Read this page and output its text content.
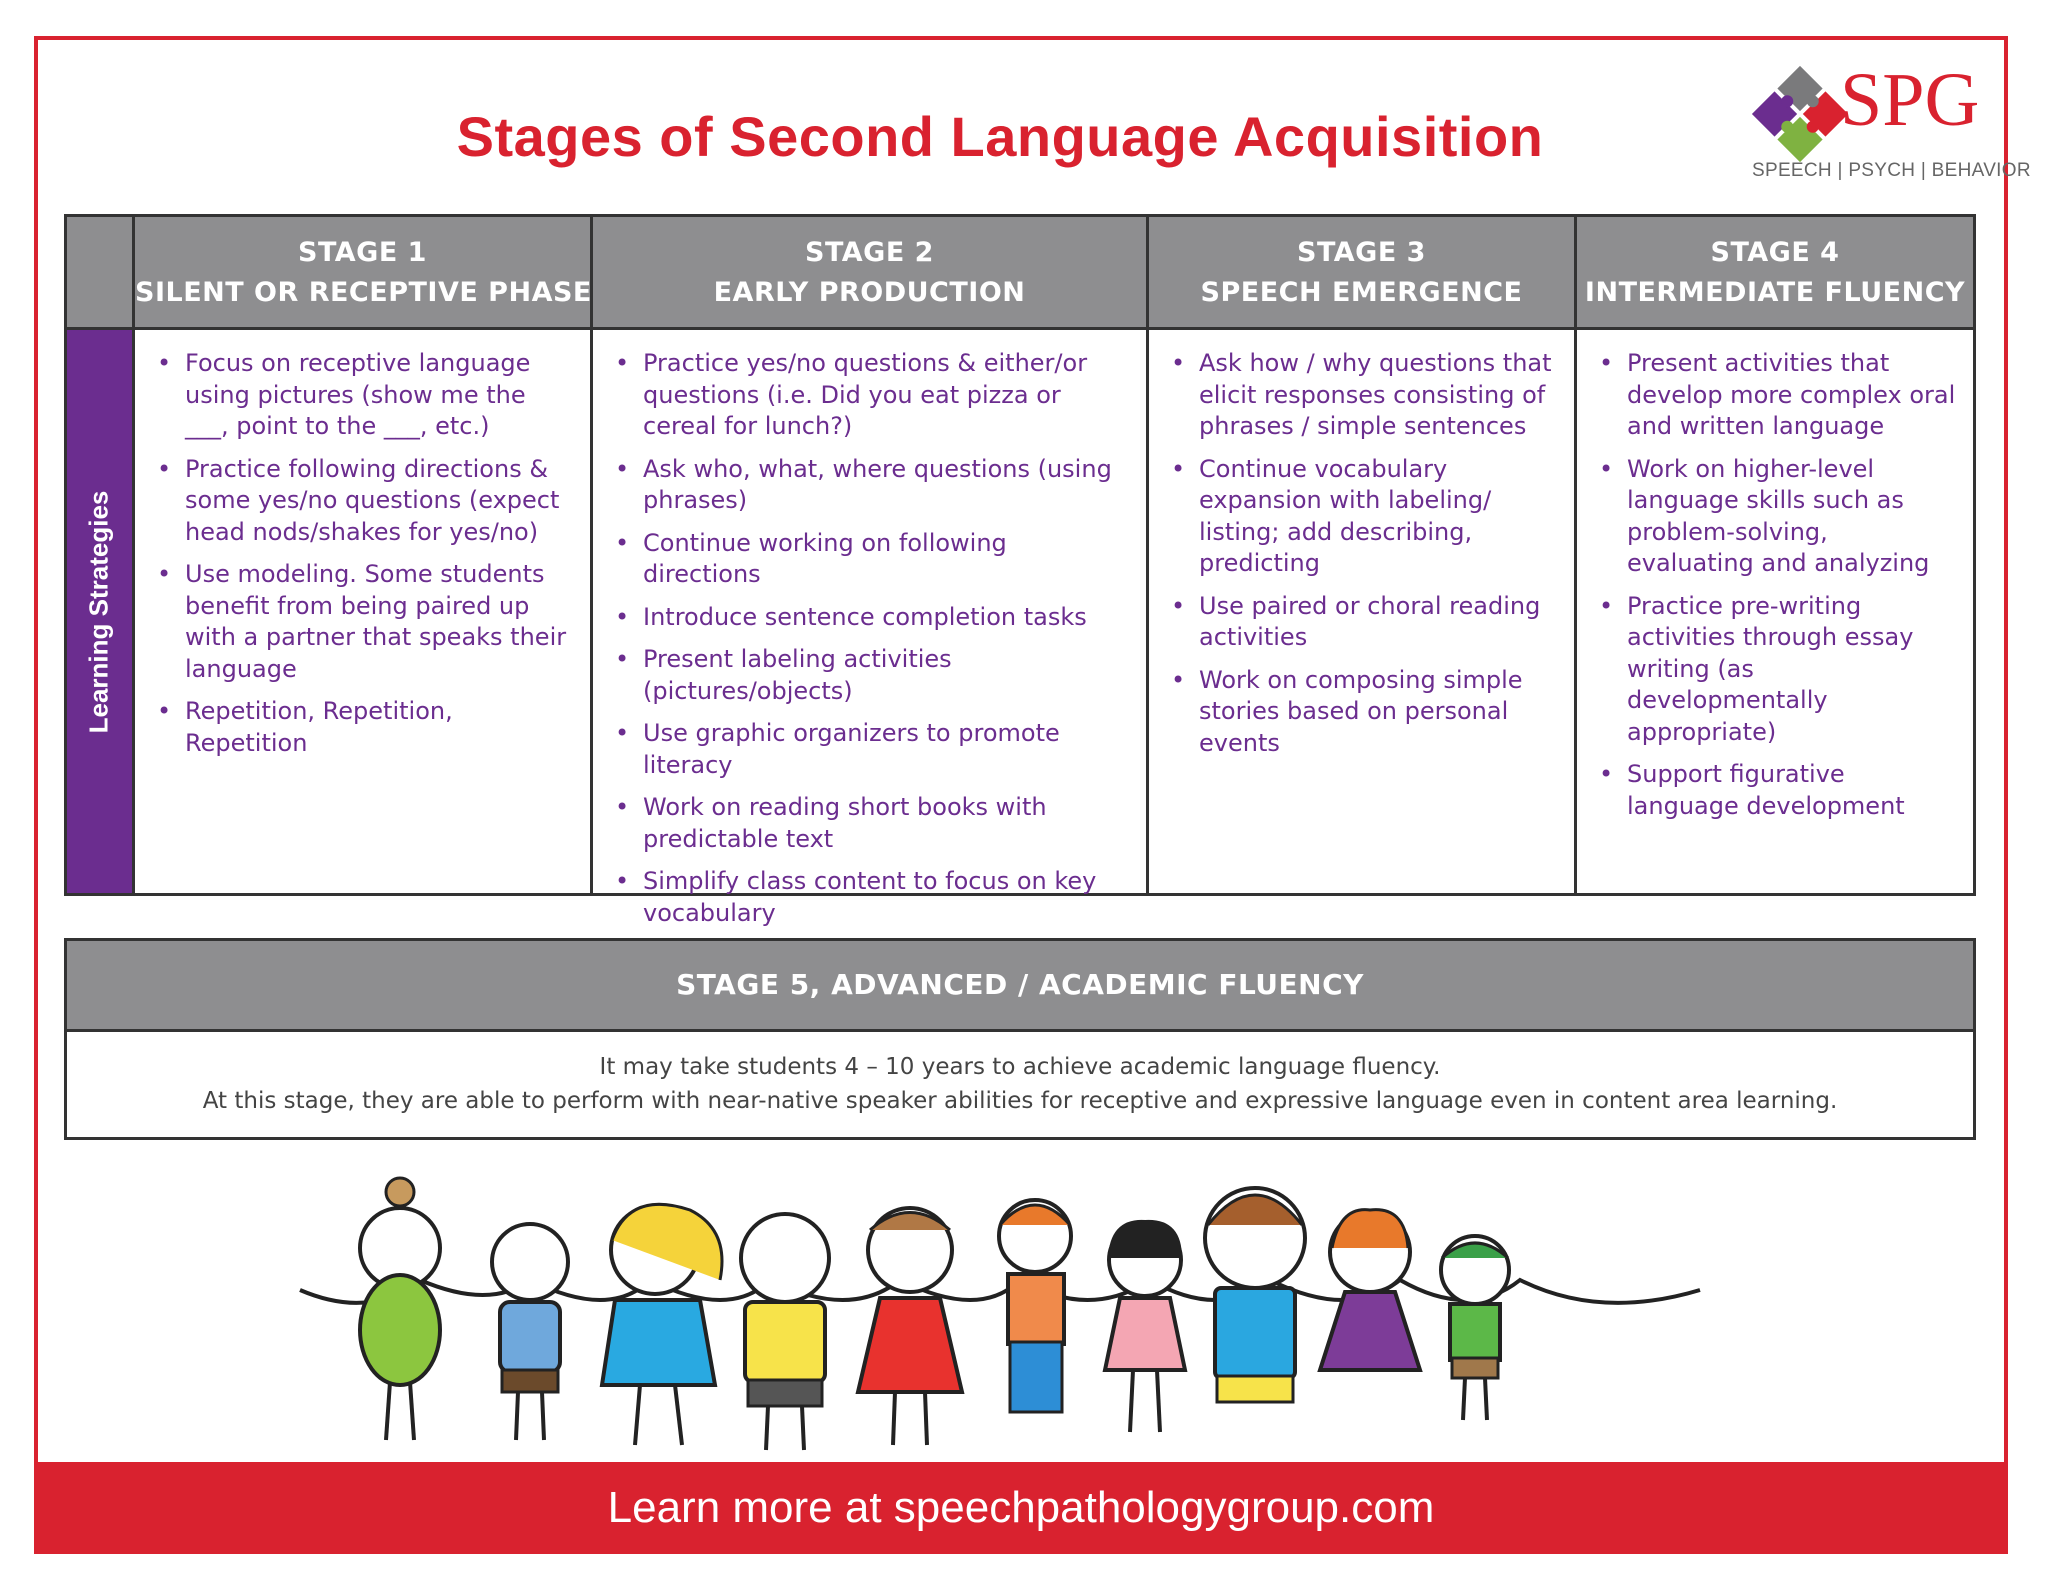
Stages of Second Language Acquisition	SPG
SPEECH | PSYCH | BEHAVIOR
Learning Strategies
STAGE 1
SILENT OR RECEPTIVE PHASE
• Focus on receptive language using pictures (show me the ___, point to the ___, etc.)
• Practice following directions & some yes/no questions (expect head nods/shakes for yes/no)
• Use modeling. Some students benefit from being paired up with a partner that speaks their language
• Repetition, Repetition, Repetition
STAGE 2
EARLY PRODUCTION
• Practice yes/no questions & either/or questions (i.e. Did you eat pizza or cereal for lunch?)
• Ask who, what, where questions (using phrases)
• Continue working on following directions
• Introduce sentence completion tasks
• Present labeling activities (pictures/objects)
• Use graphic organizers to promote literacy
• Work on reading short books with predictable text
• Simplify class content to focus on key vocabulary
STAGE 3
SPEECH EMERGENCE
• Ask how / why questions that elicit responses consisting of phrases / simple sentences
• Continue vocabulary expansion with labeling/ listing; add describing, predicting
• Use paired or choral reading activities
• Work on composing simple stories based on personal events
STAGE 4
INTERMEDIATE FLUENCY
• Present activities that develop more complex oral and written language
• Work on higher-level language skills such as problem-solving, evaluating and analyzing
• Practice pre-writing activities through essay writing (as developmentally appropriate)
• Support figurative language development
STAGE 5, ADVANCED / ACADEMIC FLUENCY
It may take students 4 – 10 years to achieve academic language fluency.
At this stage, they are able to perform with near-native speaker abilities for receptive and expressive language even in content area learning.
Learn more at speechpathologygroup.com
